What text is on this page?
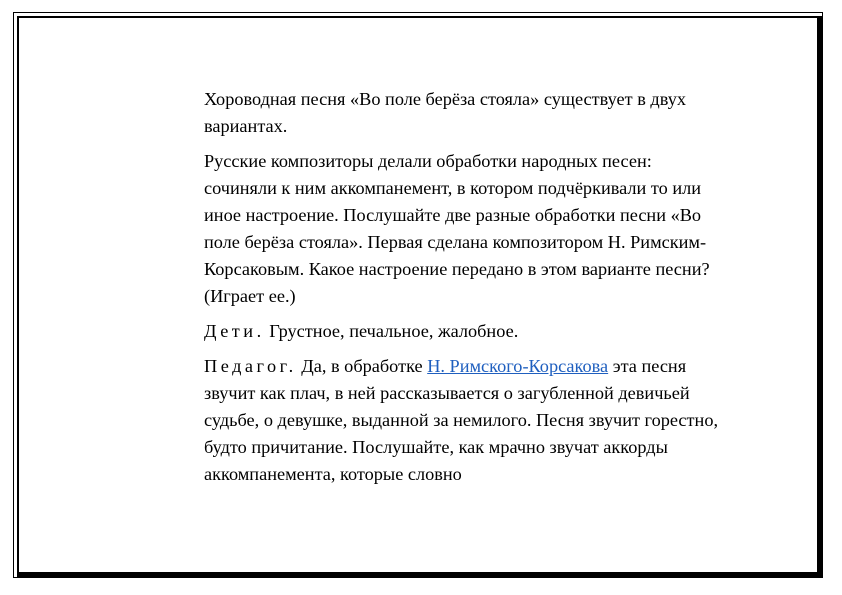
Хороводная песня «Во поле берёза стояла» существует в двух вариантах.

Русские композиторы делали обработки народных песен: сочиняли к ним аккомпанемент, в котором подчёркивали то или иное настроение. Послушайте две разные обработки песни «Во поле берёза стояла». Первая сделана композитором Н. Римским-Корсаковым. Какое настроение передано в этом варианте песни? (Играет ее.)

Дети. Грустное, печальное, жалобное.

Педагог. Да, в обработке Н. Римского-Корсакова эта песня звучит как плач, в ней рассказывается о загубленной девичьей судьбе, о девушке, выданной за немилого. Песня звучит горестно, будто причитание. Послушайте, как мрачно звучат аккорды аккомпанемента, которые словно
